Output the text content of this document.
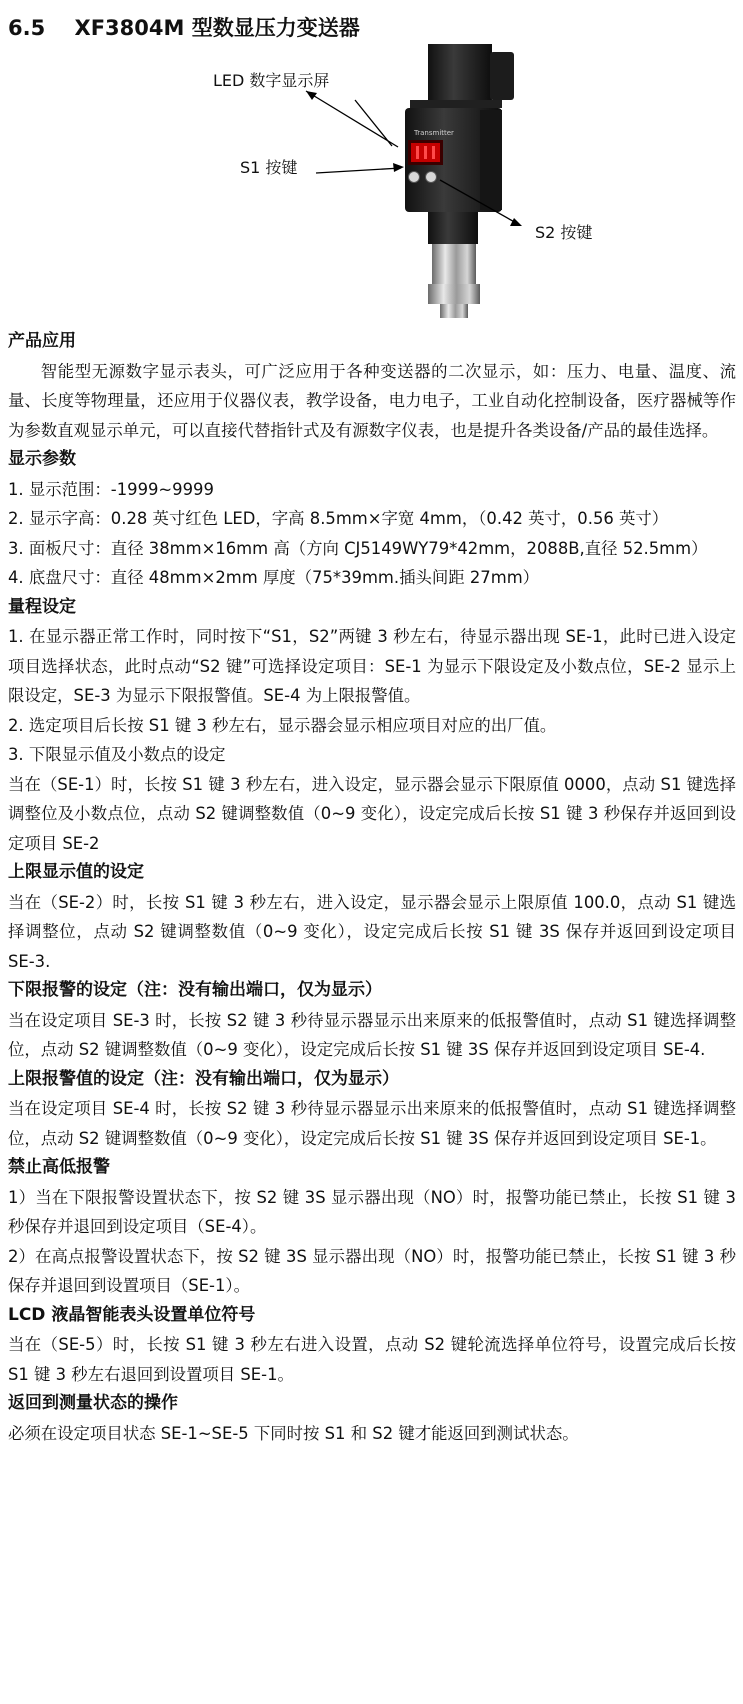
6.5 XF3804M 型数显压力变送器
Transmitter
LED 数字显示屏
S1 按键
S2 按键

产品应用

智能型无源数字显示表头，可广泛应用于各种变送器的二次显示，如：压力、电量、温度、流量、长度等物理量，还应用于仪器仪表，教学设备，电力电子，工业自动化控制设备，医疗器械等作为参数直观显示单元，可以直接代替指针式及有源数字仪表，也是提升各类设备/产品的最佳选择。

显示参数

1. 显示范围：-1999~9999

2. 显示字高：0.28 英寸红色 LED，字高 8.5mm×字宽 4mm，（0.42 英寸，0.56 英寸）

3. 面板尺寸：直径 38mm×16mm 高（方向 CJ5149WY79*42mm，2088B,直径 52.5mm）

4. 底盘尺寸：直径 48mm×2mm 厚度（75*39mm.插头间距 27mm）

量程设定

1. 在显示器正常工作时，同时按下“S1，S2”两键 3 秒左右，待显示器出现 SE-1，此时已进入设定项目选择状态，此时点动“S2 键”可选择设定项目：SE-1 为显示下限设定及小数点位，SE-2 显示上限设定，SE-3 为显示下限报警值。SE-4 为上限报警值。

2. 选定项目后长按 S1 键 3 秒左右，显示器会显示相应项目对应的出厂值。

3. 下限显示值及小数点的设定

当在（SE-1）时，长按 S1 键 3 秒左右，进入设定，显示器会显示下限原值 0000，点动 S1 键选择调整位及小数点位，点动 S2 键调整数值（0~9 变化），设定完成后长按 S1 键 3 秒保存并返回到设定项目 SE-2

上限显示值的设定

当在（SE-2）时，长按 S1 键 3 秒左右，进入设定，显示器会显示上限原值 100.0，点动 S1 键选择调整位，点动 S2 键调整数值（0~9 变化），设定完成后长按 S1 键 3S 保存并返回到设定项目 SE-3.

下限报警的设定（注：没有输出端口，仅为显示）

当在设定项目 SE-3 时，长按 S2 键 3 秒待显示器显示出来原来的低报警值时，点动 S1 键选择调整位，点动 S2 键调整数值（0~9 变化），设定完成后长按 S1 键 3S 保存并返回到设定项目 SE-4.

上限报警值的设定（注：没有输出端口，仅为显示）

当在设定项目 SE-4 时，长按 S2 键 3 秒待显示器显示出来原来的低报警值时，点动 S1 键选择调整位，点动 S2 键调整数值（0~9 变化），设定完成后长按 S1 键 3S 保存并返回到设定项目 SE-1。

禁止高低报警

1）当在下限报警设置状态下，按 S2 键 3S 显示器出现（NO）时，报警功能已禁止，长按 S1 键 3 秒保存并退回到设定项目（SE-4）。

2）在高点报警设置状态下，按 S2 键 3S 显示器出现（NO）时，报警功能已禁止，长按 S1 键 3 秒保存并退回到设置项目（SE-1）。

LCD 液晶智能表头设置单位符号

当在（SE-5）时，长按 S1 键 3 秒左右进入设置，点动 S2 键轮流选择单位符号，设置完成后长按 S1 键 3 秒左右退回到设置项目 SE-1。

返回到测量状态的操作

必须在设定项目状态 SE-1~SE-5 下同时按 S1 和 S2 键才能返回到测试状态。
